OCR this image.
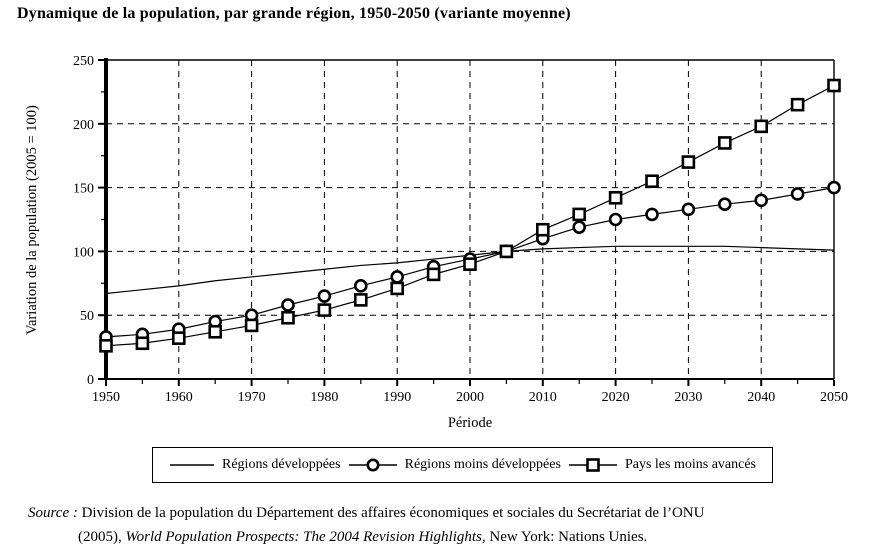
Dynamique de la population, par grande région, 1950-2050 (variante moyenne)
Période
Variation de la population (2005 = 100)
0
50
100
150
200
250
1950	1960	1970	1980	1990	2000	2010	2020	2030	2040	2050
Régions développées	Régions moins développées	Pays les moins avancés
Source : Division de la population du Département des affaires économiques et sociales du Secrétariat de l’ONU
(2005), World Population Prospects: The 2004 Revision Highlights, New York: Nations Unies.
